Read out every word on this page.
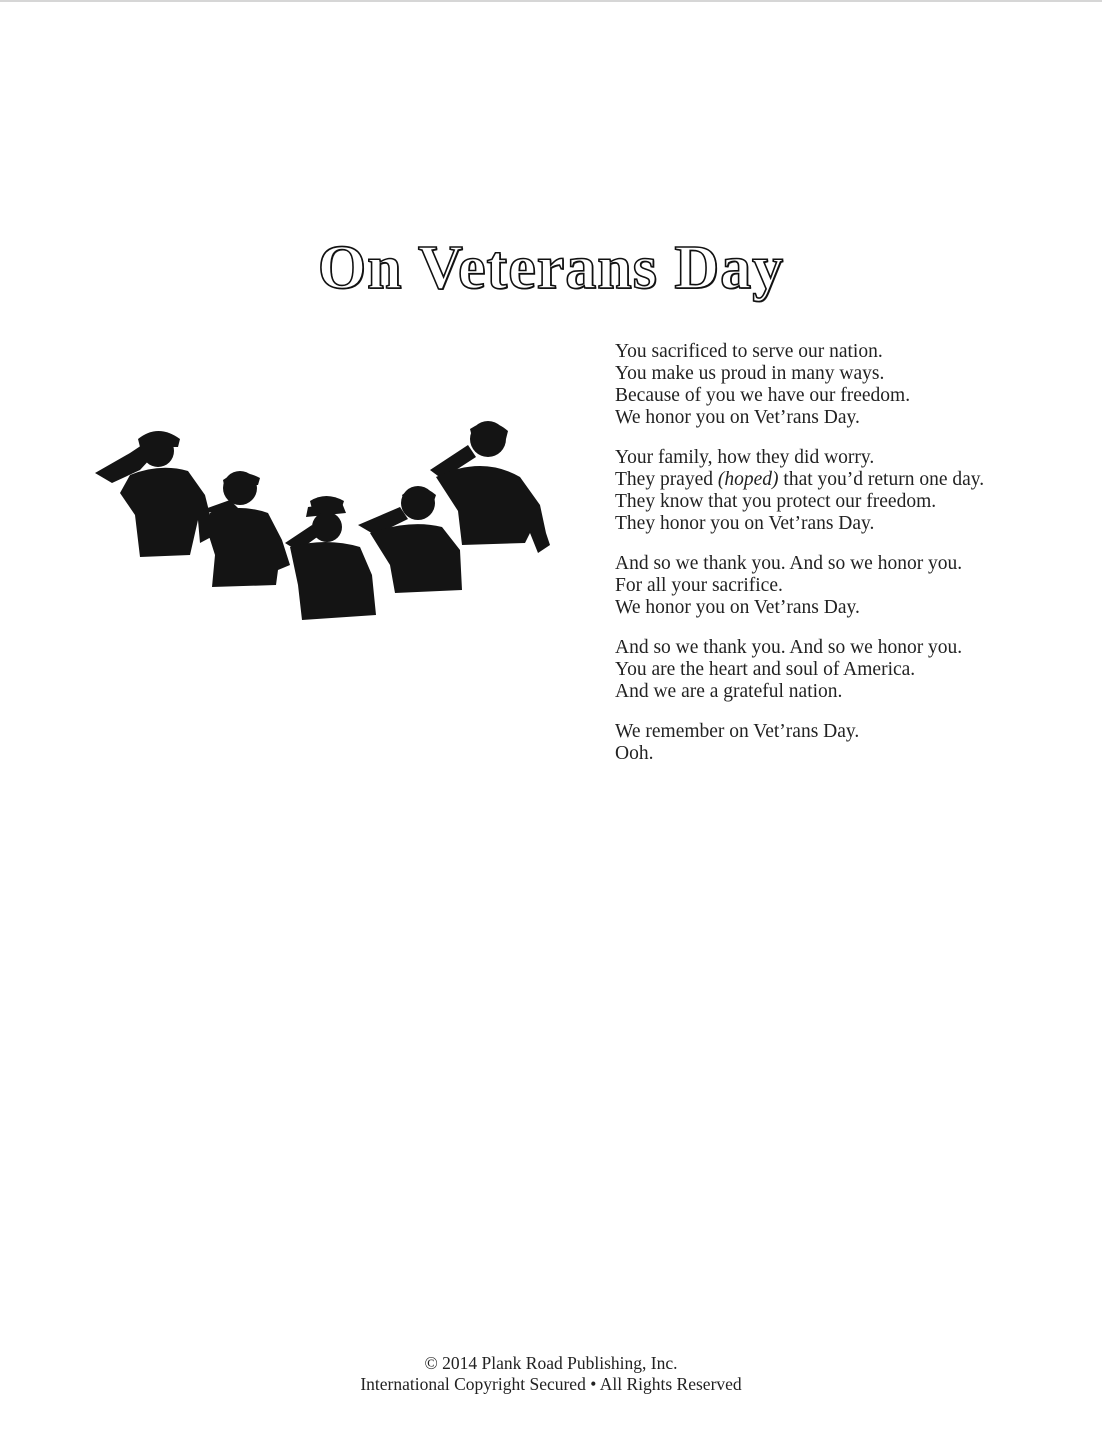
On Veterans Day
You sacrificed to serve our nation.
You make us proud in many ways.
Because of you we have our freedom.
We honor you on Vet’rans Day.
Your family, how they did worry.
They prayed (hoped) that you’d return one day.
They know that you protect our freedom.
They honor you on Vet’rans Day.
And so we thank you. And so we honor you.
For all your sacrifice.
We honor you on Vet’rans Day.
And so we thank you. And so we honor you.
You are the heart and soul of America.
And we are a grateful nation.
We remember on Vet’rans Day.
Ooh.
© 2014 Plank Road Publishing, Inc.
International Copyright Secured • All Rights Reserved
